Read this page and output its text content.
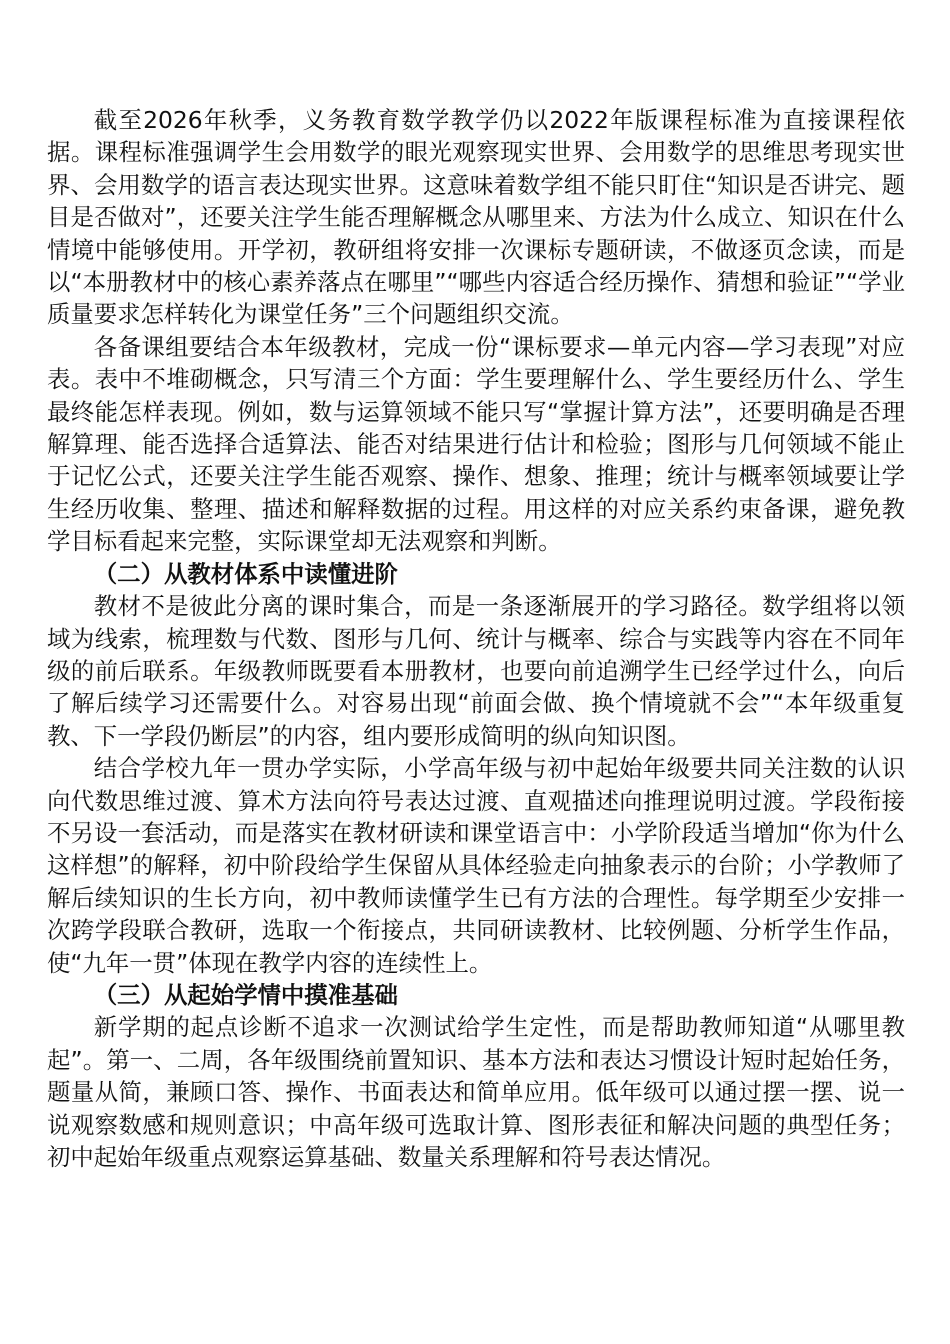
截至2026年秋季，义务教育数学教学仍以2022年版课程标准为直接课程依据。课程标准强调学生会用数学的眼光观察现实世界、会用数学的思维思考现实世界、会用数学的语言表达现实世界。这意味着数学组不能只盯住“知识是否讲完、题目是否做对”，还要关注学生能否理解概念从哪里来、方法为什么成立、知识在什么情境中能够使用。开学初，教研组将安排一次课标专题研读，不做逐页念读，而是以“本册教材中的核心素养落点在哪里”“哪些内容适合经历操作、猜想和验证”“学业质量要求怎样转化为课堂任务”三个问题组织交流。

各备课组要结合本年级教材，完成一份“课标要求—单元内容—学习表现”对应表。表中不堆砌概念，只写清三个方面：学生要理解什么、学生要经历什么、学生最终能怎样表现。例如，数与运算领域不能只写“掌握计算方法”，还要明确是否理解算理、能否选择合适算法、能否对结果进行估计和检验；图形与几何领域不能止于记忆公式，还要关注学生能否观察、操作、想象、推理；统计与概率领域要让学生经历收集、整理、描述和解释数据的过程。用这样的对应关系约束备课，避免教学目标看起来完整，实际课堂却无法观察和判断。

（二）从教材体系中读懂进阶

教材不是彼此分离的课时集合，而是一条逐渐展开的学习路径。数学组将以领域为线索，梳理数与代数、图形与几何、统计与概率、综合与实践等内容在不同年级的前后联系。年级教师既要看本册教材，也要向前追溯学生已经学过什么，向后了解后续学习还需要什么。对容易出现“前面会做、换个情境就不会”“本年级重复教、下一学段仍断层”的内容，组内要形成简明的纵向知识图。

结合学校九年一贯办学实际，小学高年级与初中起始年级要共同关注数的认识向代数思维过渡、算术方法向符号表达过渡、直观描述向推理说明过渡。学段衔接不另设一套活动，而是落实在教材研读和课堂语言中：小学阶段适当增加“你为什么这样想”的解释，初中阶段给学生保留从具体经验走向抽象表示的台阶；小学教师了解后续知识的生长方向，初中教师读懂学生已有方法的合理性。每学期至少安排一次跨学段联合教研，选取一个衔接点，共同研读教材、比较例题、分析学生作品，使“九年一贯”体现在教学内容的连续性上。

（三）从起始学情中摸准基础

新学期的起点诊断不追求一次测试给学生定性，而是帮助教师知道“从哪里教起”。第一、二周，各年级围绕前置知识、基本方法和表达习惯设计短时起始任务，题量从简，兼顾口答、操作、书面表达和简单应用。低年级可以通过摆一摆、说一说观察数感和规则意识；中高年级可选取计算、图形表征和解决问题的典型任务；初中起始年级重点观察运算基础、数量关系理解和符号表达情况。
